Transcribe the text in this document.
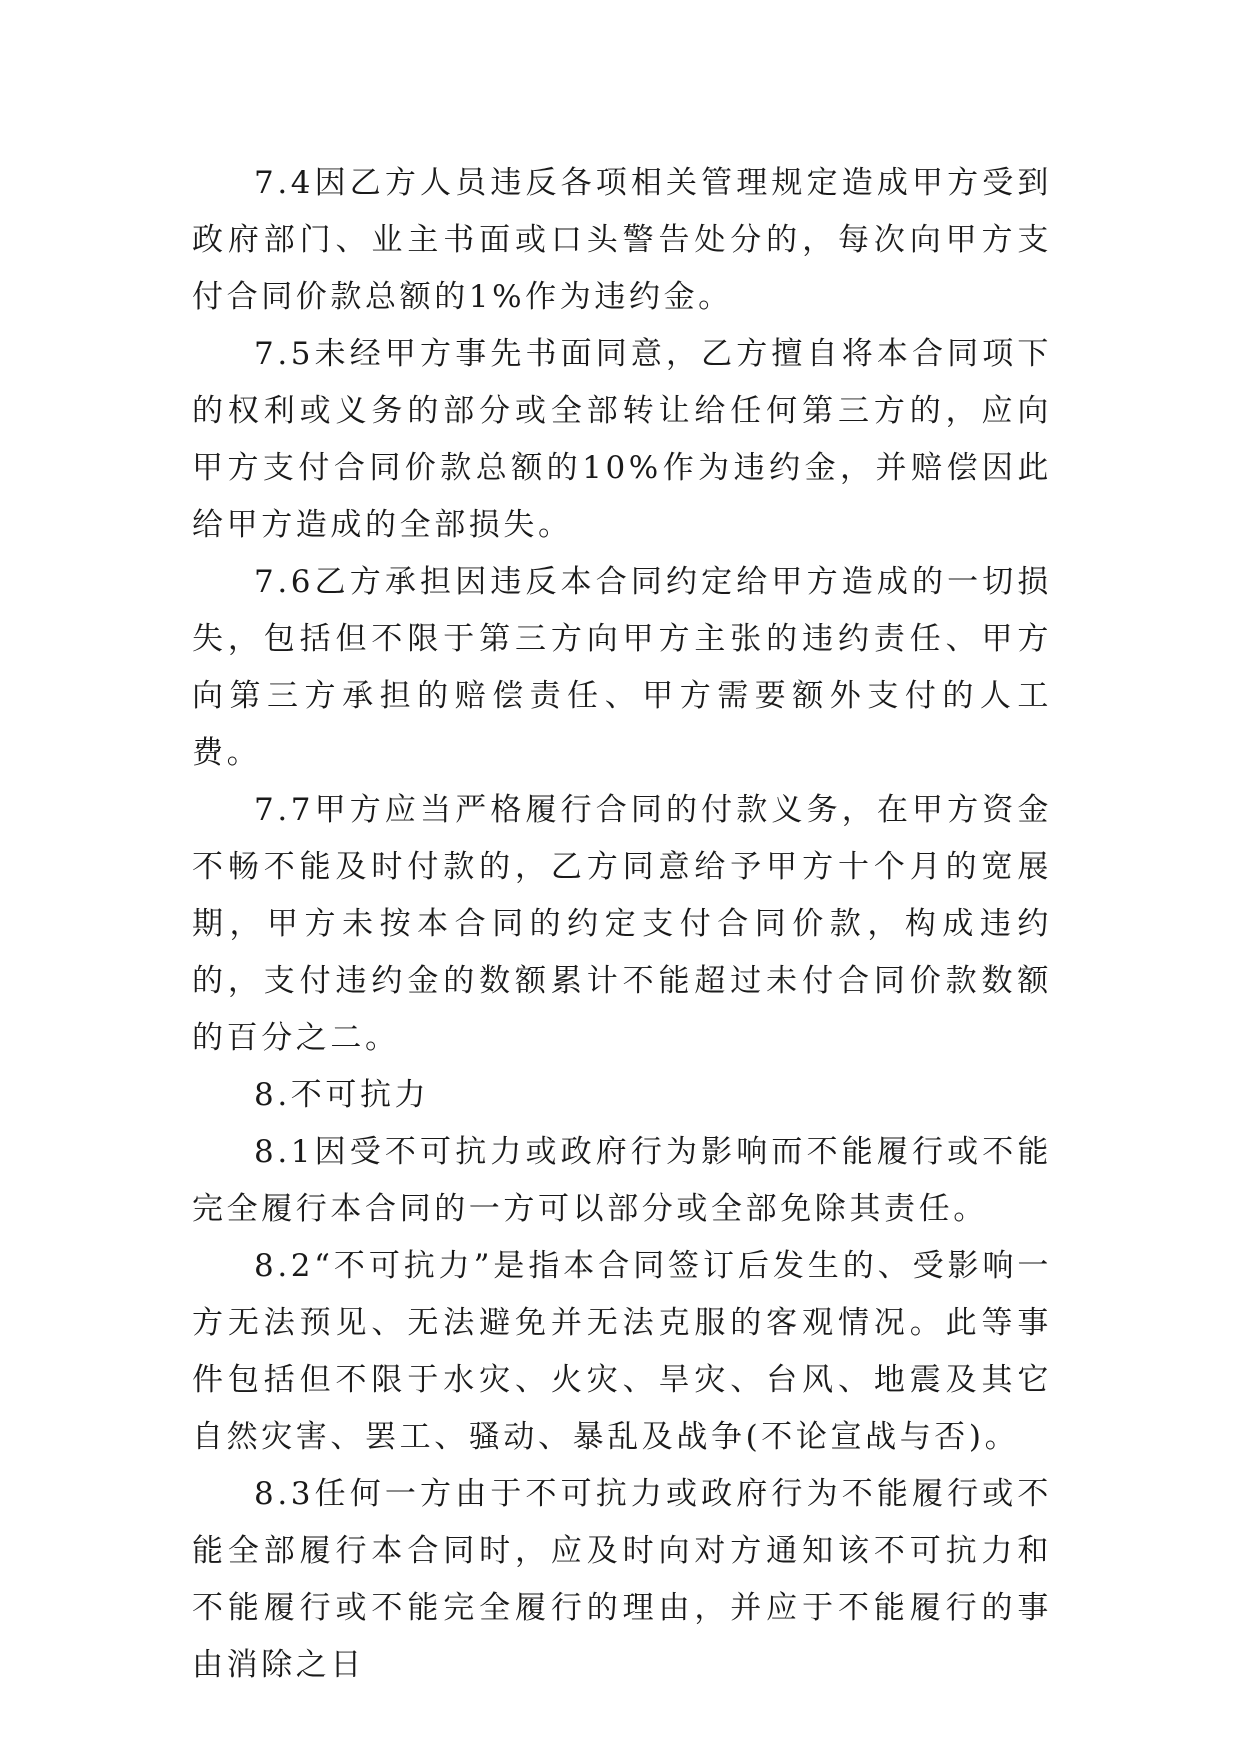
7.4因乙方人员违反各项相关管理规定造成甲方受到政府部门、业主书面或口头警告处分的，每次向甲方支付合同价款总额的1%作为违约金。

7.5未经甲方事先书面同意，乙方擅自将本合同项下的权利或义务的部分或全部转让给任何第三方的，应向甲方支付合同价款总额的10%作为违约金，并赔偿因此给甲方造成的全部损失。

7.6乙方承担因违反本合同约定给甲方造成的一切损失，包括但不限于第三方向甲方主张的违约责任、甲方向第三方承担的赔偿责任、甲方需要额外支付的人工费。

7.7甲方应当严格履行合同的付款义务，在甲方资金不畅不能及时付款的，乙方同意给予甲方十个月的宽展期，甲方未按本合同的约定支付合同价款，构成违约的，支付违约金的数额累计不能超过未付合同价款数额的百分之二。

8.不可抗力

8.1因受不可抗力或政府行为影响而不能履行或不能完全履行本合同的一方可以部分或全部免除其责任。

8.2“不可抗力”是指本合同签订后发生的、受影响一方无法预见、无法避免并无法克服的客观情况。此等事件包括但不限于水灾、火灾、旱灾、台风、地震及其它自然灾害、罢工、骚动、暴乱及战争(不论宣战与否)。

8.3任何一方由于不可抗力或政府行为不能履行或不能全部履行本合同时，应及时向对方通知该不可抗力和不能履行或不能完全履行的理由，并应于不能履行的事由消除之日
